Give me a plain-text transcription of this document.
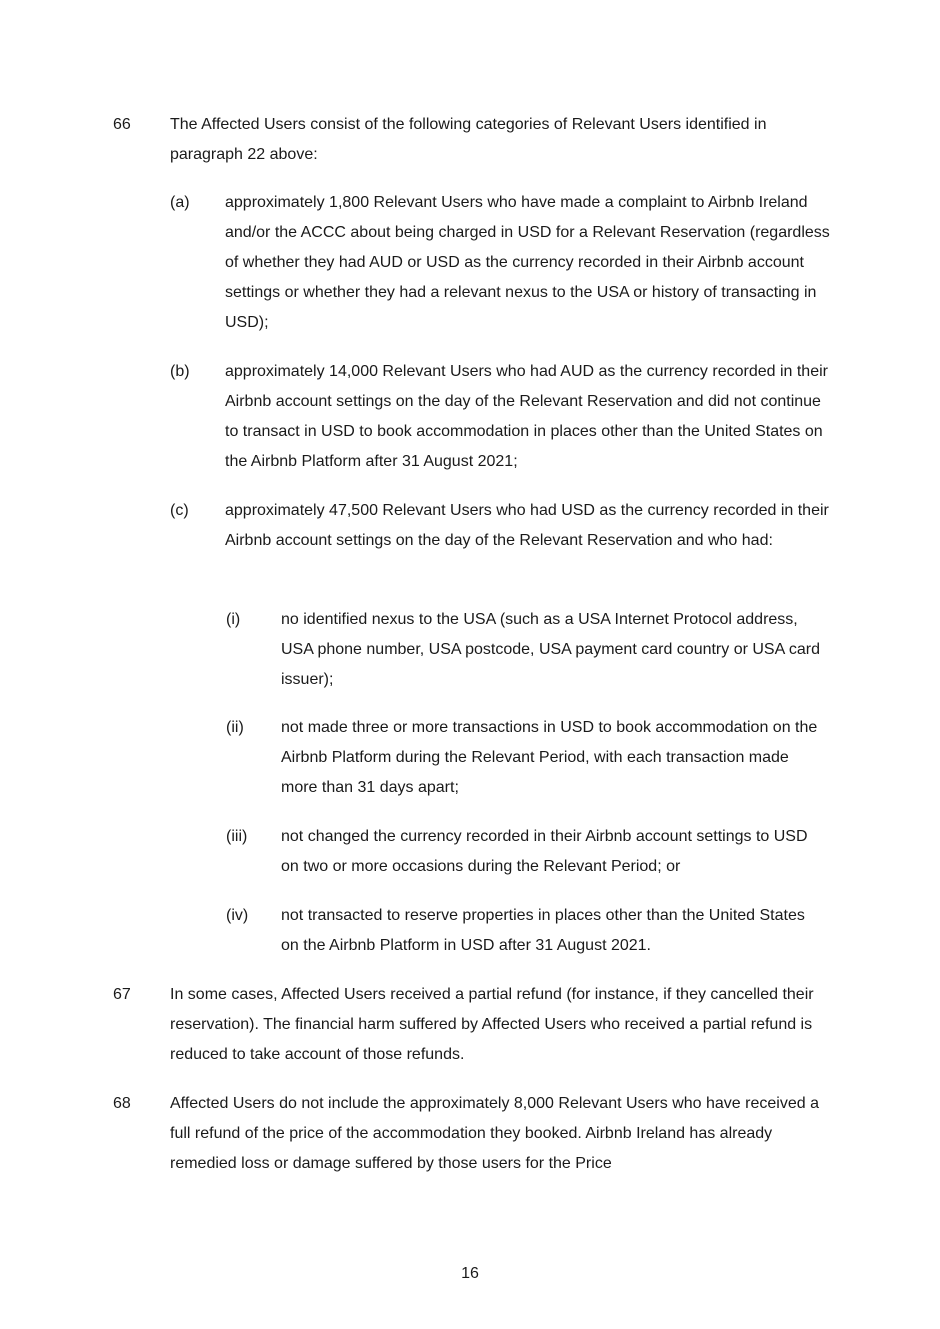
66 The Affected Users consist of the following categories of Relevant Users identified in paragraph 22 above:
(a) approximately 1,800 Relevant Users who have made a complaint to Airbnb Ireland and/or the ACCC about being charged in USD for a Relevant Reservation (regardless of whether they had AUD or USD as the currency recorded in their Airbnb account settings or whether they had a relevant nexus to the USA or history of transacting in USD);
(b) approximately 14,000 Relevant Users who had AUD as the currency recorded in their Airbnb account settings on the day of the Relevant Reservation and did not continue to transact in USD to book accommodation in places other than the United States on the Airbnb Platform after 31 August 2021;
(c) approximately 47,500 Relevant Users who had USD as the currency recorded in their Airbnb account settings on the day of the Relevant Reservation and who had:
(i)	no identified nexus to the USA (such as a USA Internet Protocol address, USA phone number, USA postcode, USA payment card country or USA card issuer);
(ii) not made three or more transactions in USD to book accommodation on the Airbnb Platform during the Relevant Period, with each transaction made more than 31 days apart;
(iii) not changed the currency recorded in their Airbnb account settings to USD on two or more occasions during the Relevant Period; or
(iv) not transacted to reserve properties in places other than the United States on the Airbnb Platform in USD after 31 August 2021.
67 In some cases, Affected Users received a partial refund (for instance, if they cancelled their reservation). The financial harm suffered by Affected Users who received a partial refund is reduced to take account of those refunds.
68 Affected Users do not include the approximately 8,000 Relevant Users who have received a full refund of the price of the accommodation they booked. Airbnb Ireland has already remedied loss or damage suffered by those users for the Price
16
